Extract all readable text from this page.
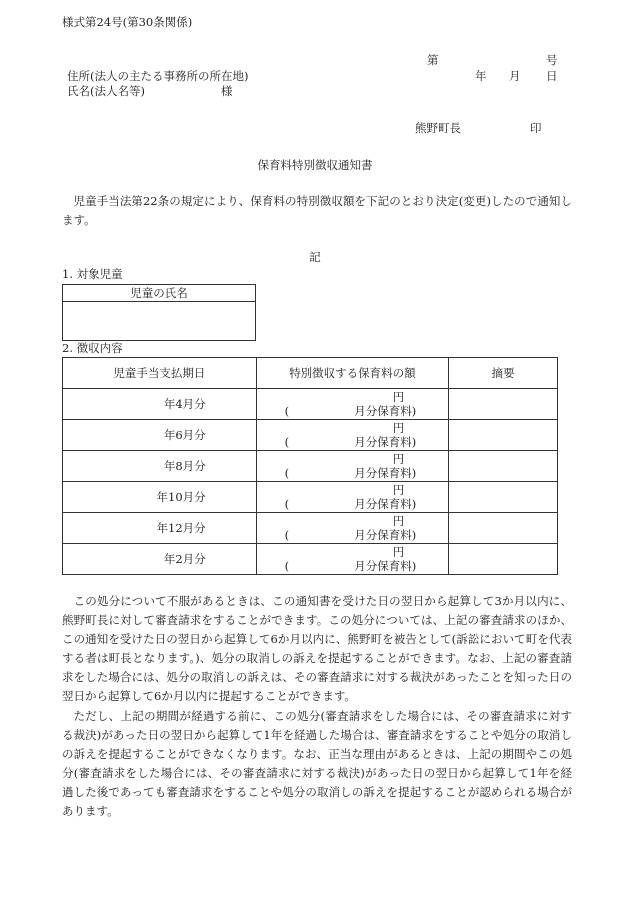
様式第24号(第30条関係)
第	号
住所(法人の主たる事務所の所在地)	年 月 日
氏名(法人名等)	様
熊野町長	印
保育料特別徴収通知書
児童手当法第22条の規定により、保育料の特別徴収額を下記のとおり決定(変更)したので通知します。
記
1. 対象児童
児童の氏名

2. 徴収内容
児童手当支払期日	特別徴収する保育料の額	摘要
年4月分	円
( 月分保育料)	

年6月分	円
( 月分保育料)	

年8月分	円
( 月分保育料)	

年10月分	円
( 月分保育料)	

年12月分	円
( 月分保育料)	

年2月分	円
( 月分保育料)	

この処分について不服があるときは、この通知書を受けた日の翌日から起算して3か月以内に、熊野町長に対して審査請求をすることができます。この処分については、上記の審査請求のほか、この通知を受けた日の翌日から起算して6か月以内に、熊野町を被告として(訴訟において町を代表する者は町長となります。)、処分の取消しの訴えを提起することができます。なお、上記の審査請求をした場合には、処分の取消しの訴えは、その審査請求に対する裁決があったことを知った日の翌日から起算して6か月以内に提起することができます。
ただし、上記の期間が経過する前に、この処分(審査請求をした場合には、その審査請求に対する裁決)があった日の翌日から起算して1年を経過した場合は、審査請求をすることや処分の取消しの訴えを提起することができなくなります。なお、正当な理由があるときは、上記の期間やこの処分(審査請求をした場合には、その審査請求に対する裁決)があった日の翌日から起算して1年を経過した後であっても審査請求をすることや処分の取消しの訴えを提起することが認められる場合があります。
